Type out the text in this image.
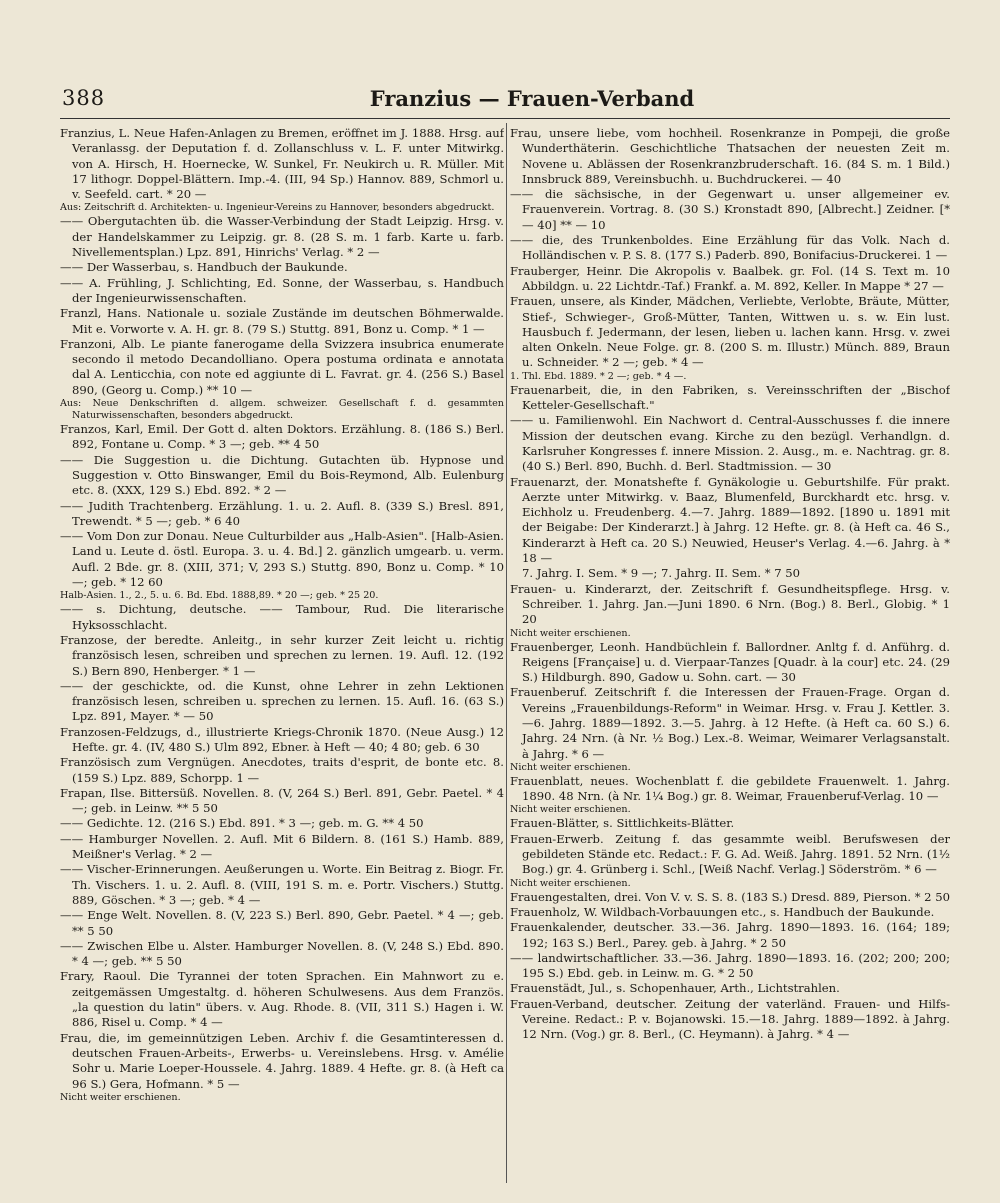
388	Franzius — Frauen-Verband

Franzius, L. Neue Hafen-Anlagen zu Bremen, eröffnet im J. 1888. Hrsg. auf Veranlassg. der Deputation f. d. Zollanschluss v. L. F. unter Mitwirkg. von A. Hirsch, H. Hoernecke, W. Sunkel, Fr. Neukirch u. R. Müller. Mit 17 lithogr. Doppel-Blättern. Imp.-4. (III, 94 Sp.) Hannov. 889, Schmorl u. v. Seefeld. cart. * 20 —

Aus: Zeitschrift d. Architekten- u. Ingenieur-Vereins zu Hannover, besonders abgedruckt.

—— Obergutachten üb. die Wasser-Verbindung der Stadt Leipzig. Hrsg. v. der Handelskammer zu Leipzig. gr. 8. (28 S. m. 1 farb. Karte u. farb. Nivellementsplan.) Lpz. 891, Hinrichs' Verlag. * 2 —

—— Der Wasserbau, s. Handbuch der Baukunde.

—— A. Frühling, J. Schlichting, Ed. Sonne, der Wasserbau, s. Handbuch der Ingenieurwissenschaften.

Franzl, Hans. Nationale u. soziale Zustände im deutschen Böhmerwalde. Mit e. Vorworte v. A. H. gr. 8. (79 S.) Stuttg. 891, Bonz u. Comp. * 1 —

Franzoni, Alb. Le piante fanerogame della Svizzera insubrica enumerate secondo il metodo Decandolliano. Opera postuma ordinata e annotata dal A. Lenticchia, con note ed aggiunte di L. Favrat. gr. 4. (256 S.) Basel 890, (Georg u. Comp.) ** 10 —

Aus: Neue Denkschriften d. allgem. schweizer. Gesellschaft f. d. gesammten Naturwissenschaften, besonders abgedruckt.

Franzos, Karl, Emil. Der Gott d. alten Doktors. Erzählung. 8. (186 S.) Berl. 892, Fontane u. Comp. * 3 —; geb. ** 4 50

—— Die Suggestion u. die Dichtung. Gutachten üb. Hypnose und Suggestion v. Otto Binswanger, Emil du Bois-Reymond, Alb. Eulenburg etc. 8. (XXX, 129 S.) Ebd. 892. * 2 —

—— Judith Trachtenberg. Erzählung. 1. u. 2. Aufl. 8. (339 S.) Bresl. 891, Trewendt. * 5 —; geb. * 6 40

—— Vom Don zur Donau. Neue Culturbilder aus „Halb-Asien". [Halb-Asien. Land u. Leute d. östl. Europa. 3. u. 4. Bd.] 2. gänzlich umgearb. u. verm. Aufl. 2 Bde. gr. 8. (XIII, 371; V, 293 S.) Stuttg. 890, Bonz u. Comp. * 10 —; geb. * 12 60

Halb-Asien. 1., 2., 5. u. 6. Bd. Ebd. 1888,89. * 20 —; geb. * 25 20.

—— s. Dichtung, deutsche. —— Tambour, Rud. Die literarische Hyksosschlacht.

Franzose, der beredte. Anleitg., in sehr kurzer Zeit leicht u. richtig französisch lesen, schreiben und sprechen zu lernen. 19. Aufl. 12. (192 S.) Bern 890, Henberger. * 1 —

—— der geschickte, od. die Kunst, ohne Lehrer in zehn Lektionen französisch lesen, schreiben u. sprechen zu lernen. 15. Aufl. 16. (63 S.) Lpz. 891, Mayer. * — 50

Franzosen-Feldzugs, d., illustrierte Kriegs-Chronik 1870. (Neue Ausg.) 12 Hefte. gr. 4. (IV, 480 S.) Ulm 892, Ebner. à Heft — 40; 4 80; geb. 6 30

Französisch zum Vergnügen. Anecdotes, traits d'esprit, de bonte etc. 8. (159 S.) Lpz. 889, Schorpp. 1 —

Frapan, Ilse. Bittersüß. Novellen. 8. (V, 264 S.) Berl. 891, Gebr. Paetel. * 4 —; geb. in Leinw. ** 5 50

—— Gedichte. 12. (216 S.) Ebd. 891. * 3 —; geb. m. G. ** 4 50

—— Hamburger Novellen. 2. Aufl. Mit 6 Bildern. 8. (161 S.) Hamb. 889, Meißner's Verlag. * 2 —

—— Vischer-Erinnerungen. Aeußerungen u. Worte. Ein Beitrag z. Biogr. Fr. Th. Vischers. 1. u. 2. Aufl. 8. (VIII, 191 S. m. e. Portr. Vischers.) Stuttg. 889, Göschen. * 3 —; geb. * 4 —

—— Enge Welt. Novellen. 8. (V, 223 S.) Berl. 890, Gebr. Paetel. * 4 —; geb. ** 5 50

—— Zwischen Elbe u. Alster. Hamburger Novellen. 8. (V, 248 S.) Ebd. 890. * 4 —; geb. ** 5 50

Frary, Raoul. Die Tyrannei der toten Sprachen. Ein Mahnwort zu e. zeitgemässen Umgestaltg. d. höheren Schulwesens. Aus dem Französ. „la question du latin" übers. v. Aug. Rhode. 8. (VII, 311 S.) Hagen i. W. 886, Risel u. Comp. * 4 —

Frau, die, im gemeinnützigen Leben. Archiv f. die Gesamtinteressen d. deutschen Frauen-Arbeits-, Erwerbs- u. Vereinslebens. Hrsg. v. Amélie Sohr u. Marie Loeper-Houssele. 4. Jahrg. 1889. 4 Hefte. gr. 8. (à Heft ca 96 S.) Gera, Hofmann. * 5 —

Nicht weiter erschienen.

Frau, unsere liebe, vom hochheil. Rosenkranze in Pompeji, die große Wunderthäterin. Geschichtliche Thatsachen der neuesten Zeit m. Novene u. Ablässen der Rosenkranzbruderschaft. 16. (84 S. m. 1 Bild.) Innsbruck 889, Vereinsbuchh. u. Buchdruckerei. — 40

—— die sächsische, in der Gegenwart u. unser allgemeiner ev. Frauenverein. Vortrag. 8. (30 S.) Kronstadt 890, [Albrecht.] Zeidner. [* — 40] ** — 10

—— die, des Trunkenboldes. Eine Erzählung für das Volk. Nach d. Holländischen v. P. S. 8. (177 S.) Paderb. 890, Bonifacius-Druckerei. 1 —

Frauberger, Heinr. Die Akropolis v. Baalbek. gr. Fol. (14 S. Text m. 10 Abbildgn. u. 22 Lichtdr.-Taf.) Frankf. a. M. 892, Keller. In Mappe * 27 —

Frauen, unsere, als Kinder, Mädchen, Verliebte, Verlobte, Bräute, Mütter, Stief-, Schwieger-, Groß-Mütter, Tanten, Wittwen u. s. w. Ein lust. Hausbuch f. Jedermann, der lesen, lieben u. lachen kann. Hrsg. v. zwei alten Onkeln. Neue Folge. gr. 8. (200 S. m. Illustr.) Münch. 889, Braun u. Schneider. * 2 —; geb. * 4 —

1. Thl. Ebd. 1889. * 2 —; geb. * 4 —.

Frauenarbeit, die, in den Fabriken, s. Vereinsschriften der „Bischof Ketteler-Gesellschaft."

—— u. Familienwohl. Ein Nachwort d. Central-Ausschusses f. die innere Mission der deutschen evang. Kirche zu den bezügl. Verhandlgn. d. Karlsruher Kongresses f. innere Mission. 2. Ausg., m. e. Nachtrag. gr. 8. (40 S.) Berl. 890, Buchh. d. Berl. Stadtmission. — 30

Frauenarzt, der. Monatshefte f. Gynäkologie u. Geburtshilfe. Für prakt. Aerzte unter Mitwirkg. v. Baaz, Blumenfeld, Burckhardt etc. hrsg. v. Eichholz u. Freudenberg. 4.—7. Jahrg. 1889—1892. [1890 u. 1891 mit der Beigabe: Der Kinderarzt.] à Jahrg. 12 Hefte. gr. 8. (à Heft ca. 46 S., Kinderarzt à Heft ca. 20 S.) Neuwied, Heuser's Verlag. 4.—6. Jahrg. à * 18 —

7. Jahrg. I. Sem. * 9 —; 7. Jahrg. II. Sem. * 7 50

Frauen- u. Kinderarzt, der. Zeitschrift f. Gesundheitspflege. Hrsg. v. Schreiber. 1. Jahrg. Jan.—Juni 1890. 6 Nrn. (Bog.) 8. Berl., Globig. * 1 20

Nicht weiter erschienen.

Frauenberger, Leonh. Handbüchlein f. Ballordner. Anltg f. d. Anführg. d. Reigens [Française] u. d. Vierpaar-Tanzes [Quadr. à la cour] etc. 24. (29 S.) Hildburgh. 890, Gadow u. Sohn. cart. — 30

Frauenberuf. Zeitschrift f. die Interessen der Frauen-Frage. Organ d. Vereins „Frauenbildungs-Reform" in Weimar. Hrsg. v. Frau J. Kettler. 3.—6. Jahrg. 1889—1892. 3.—5. Jahrg. à 12 Hefte. (à Heft ca. 60 S.) 6. Jahrg. 24 Nrn. (à Nr. ½ Bog.) Lex.-8. Weimar, Weimarer Verlagsanstalt. à Jahrg. * 6 —

Nicht weiter erschienen.

Frauenblatt, neues. Wochenblatt f. die gebildete Frauenwelt. 1. Jahrg. 1890. 48 Nrn. (à Nr. 1¼ Bog.) gr. 8. Weimar, Frauenberuf-Verlag. 10 —

Nicht weiter erschienen.

Frauen-Blätter, s. Sittlichkeits-Blätter.

Frauen-Erwerb. Zeitung f. das gesammte weibl. Berufswesen der gebildeten Stände etc. Redact.: F. G. Ad. Weiß. Jahrg. 1891. 52 Nrn. (1½ Bog.) gr. 4. Grünberg i. Schl., [Weiß Nachf. Verlag.] Söderström. * 6 —

Nicht weiter erschienen.

Frauengestalten, drei. Von V. v. S. S. 8. (183 S.) Dresd. 889, Pierson. * 2 50

Frauenholz, W. Wildbach-Vorbauungen etc., s. Handbuch der Baukunde.

Frauenkalender, deutscher. 33.—36. Jahrg. 1890—1893. 16. (164; 189; 192; 163 S.) Berl., Parey. geb. à Jahrg. * 2 50

—— landwirtschaftlicher. 33.—36. Jahrg. 1890—1893. 16. (202; 200; 200; 195 S.) Ebd. geb. in Leinw. m. G. * 2 50

Frauenstädt, Jul., s. Schopenhauer, Arth., Lichtstrahlen.

Frauen-Verband, deutscher. Zeitung der vaterländ. Frauen- und Hilfs-Vereine. Redact.: P. v. Bojanowski. 15.—18. Jahrg. 1889—1892. à Jahrg. 12 Nrn. (Vog.) gr. 8. Berl., (C. Heymann). à Jahrg. * 4 —
